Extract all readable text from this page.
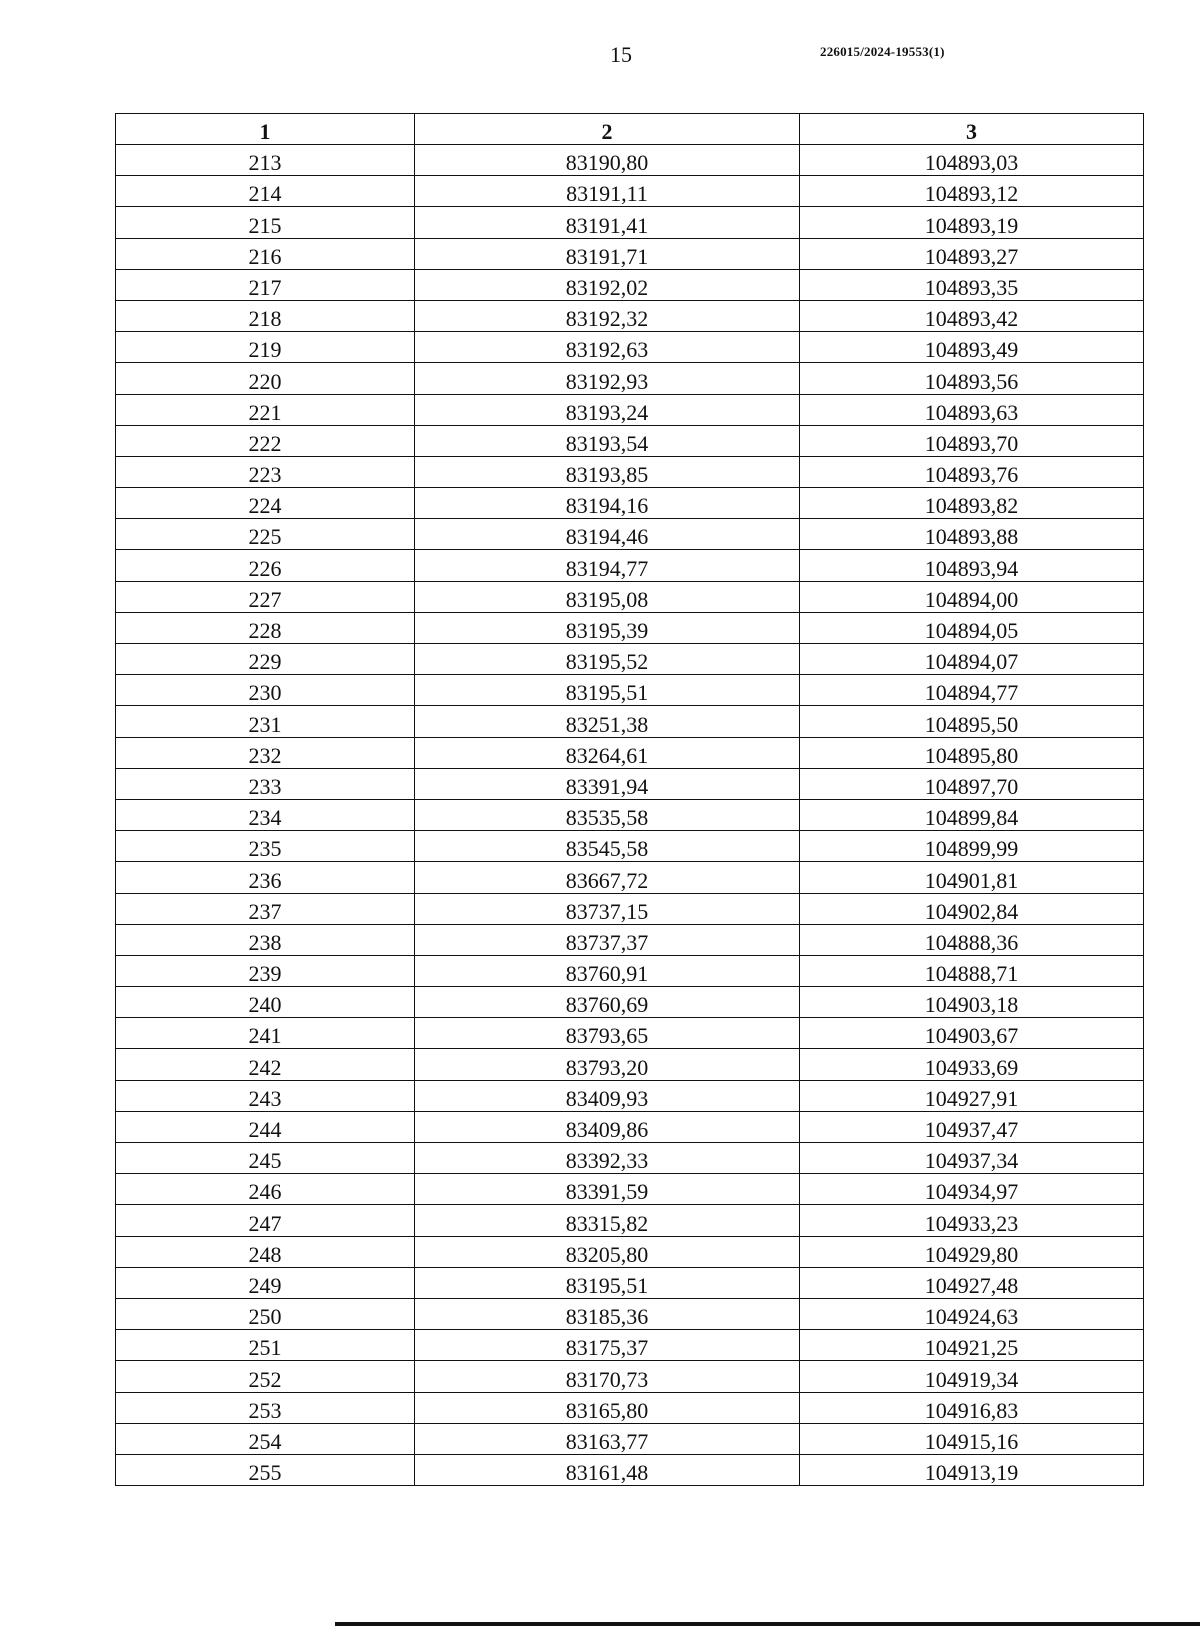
15	226015/2024-19553(1)
1	2	3
213	83190,80	104893,03
214	83191,11	104893,12
215	83191,41	104893,19
216	83191,71	104893,27
217	83192,02	104893,35
218	83192,32	104893,42
219	83192,63	104893,49
220	83192,93	104893,56
221	83193,24	104893,63
222	83193,54	104893,70
223	83193,85	104893,76
224	83194,16	104893,82
225	83194,46	104893,88
226	83194,77	104893,94
227	83195,08	104894,00
228	83195,39	104894,05
229	83195,52	104894,07
230	83195,51	104894,77
231	83251,38	104895,50
232	83264,61	104895,80
233	83391,94	104897,70
234	83535,58	104899,84
235	83545,58	104899,99
236	83667,72	104901,81
237	83737,15	104902,84
238	83737,37	104888,36
239	83760,91	104888,71
240	83760,69	104903,18
241	83793,65	104903,67
242	83793,20	104933,69
243	83409,93	104927,91
244	83409,86	104937,47
245	83392,33	104937,34
246	83391,59	104934,97
247	83315,82	104933,23
248	83205,80	104929,80
249	83195,51	104927,48
250	83185,36	104924,63
251	83175,37	104921,25
252	83170,73	104919,34
253	83165,80	104916,83
254	83163,77	104915,16
255	83161,48	104913,19
